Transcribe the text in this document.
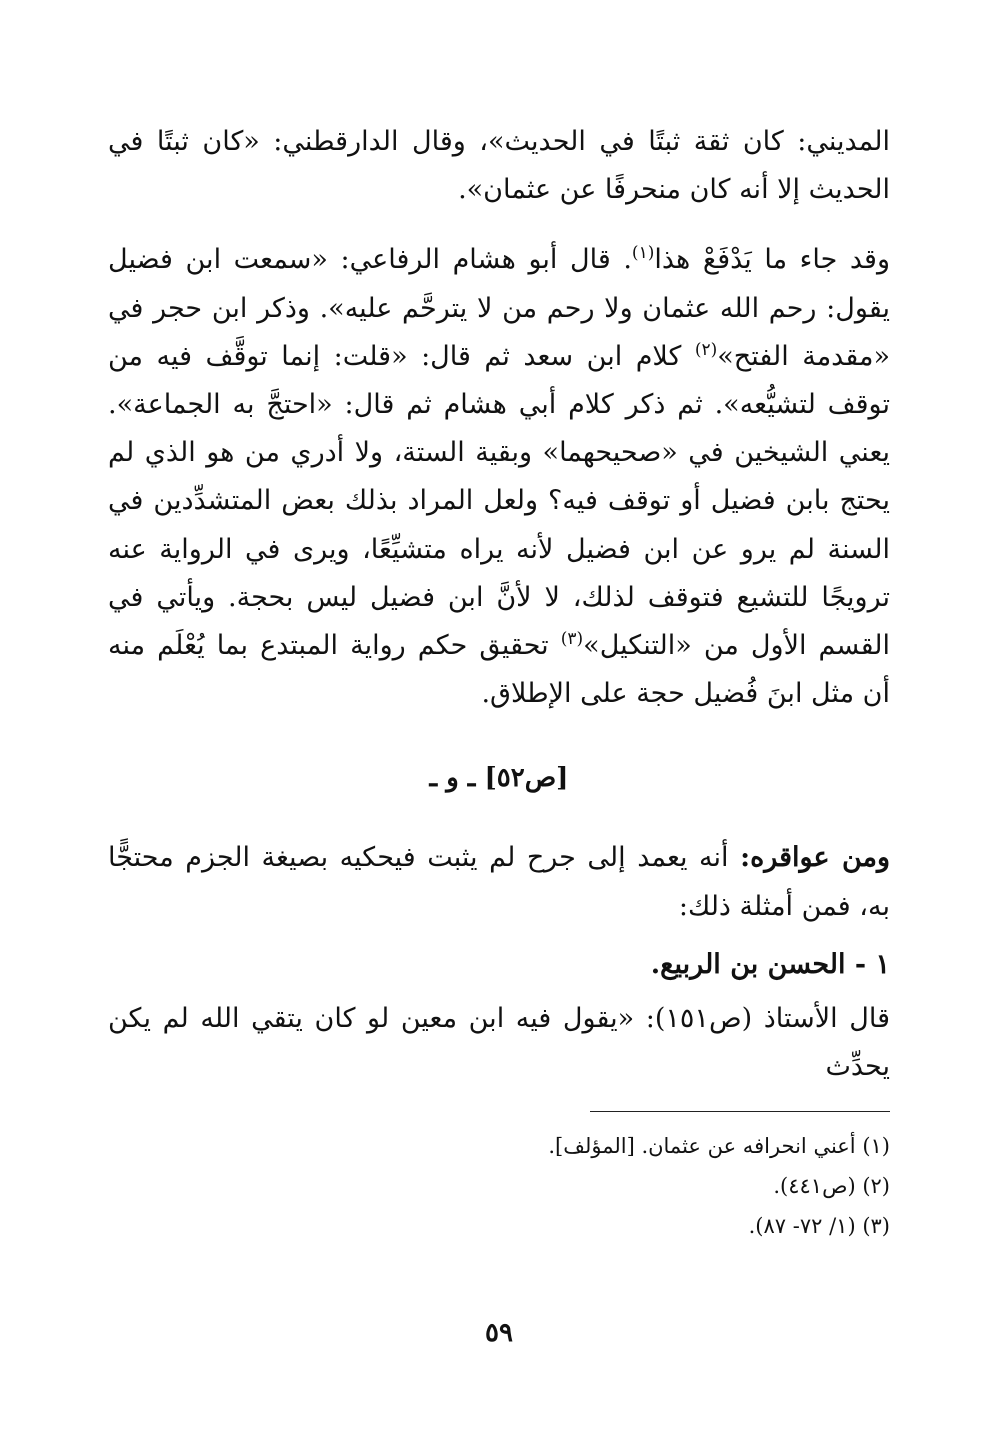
المديني: كان ثقة ثبتًا في الحديث»، وقال الدارقطني: «كان ثبتًا في الحديث إلا أنه كان منحرفًا عن عثمان».

وقد جاء ما يَدْفَعْ هذا$^{(١)}$. قال أبو هشام الرفاعي: «سمعت ابن فضيل يقول: رحم الله عثمان ولا رحم من لا يترحَّم عليه». وذكر ابن حجر في «مقدمة الفتح»$^{(٢)}$ كلام ابن سعد ثم قال: «قلت: إنما توقَّف فيه من توقف لتشيُّعه». ثم ذكر كلام أبي هشام ثم قال: «احتجَّ به الجماعة». يعني الشيخين في «صحيحهما» وبقية الستة، ولا أدري من هو الذي لم يحتج بابن فضيل أو توقف فيه؟ ولعل المراد بذلك بعض المتشدِّدين في السنة لم يرو عن ابن فضيل لأنه يراه متشيِّعًا، ويرى في الرواية عنه ترويجًا للتشيع فتوقف لذلك، لا لأنَّ ابن فضيل ليس بحجة. ويأتي في القسم الأول من «التنكيل»$^{(٣)}$ تحقيق حكم رواية المبتدع بما يُعْلَم منه أن مثل ابنَ فُضيل حجة على الإطلاق.

[ص٥٢] ـ و ـ

ومن عواقره: أنه يعمد إلى جرح لم يثبت فيحكيه بصيغة الجزم محتجًّا به، فمن أمثلة ذلك:

١ - الحسن بن الربيع.

قال الأستاذ (ص١٥١): «يقول فيه ابن معين لو كان يتقي الله لم يكن يحدِّث

(١) أعني انحرافه عن عثمان. [المؤلف].
(٢) (ص٤٤١).
(٣) (١/ ٧٢- ٨٧).
٥٩
